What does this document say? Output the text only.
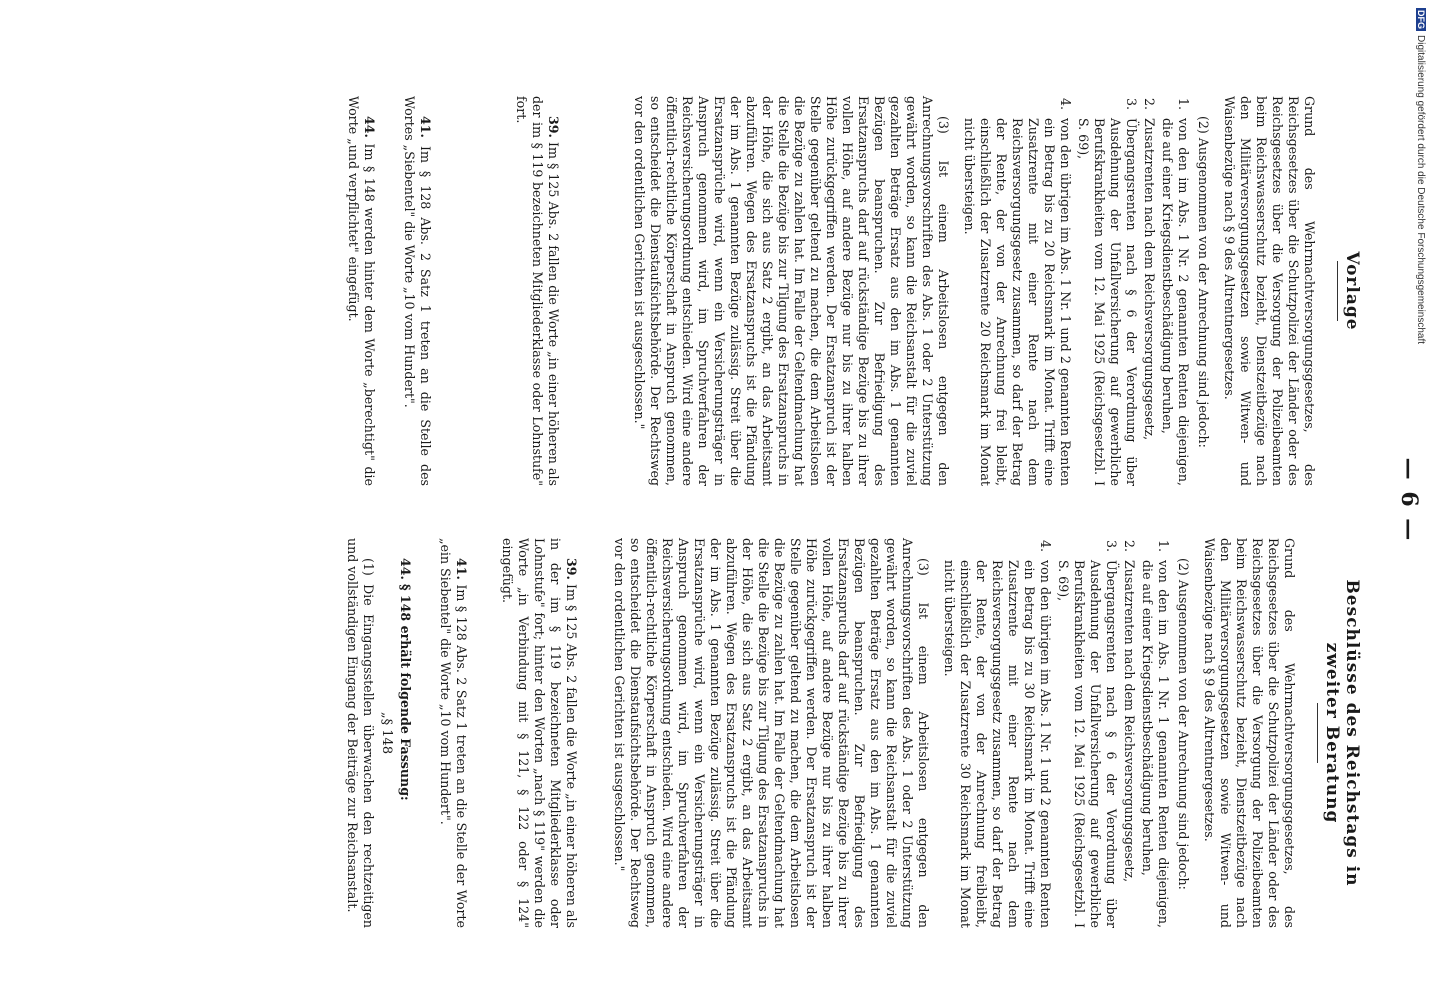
— 6 —
Vorlage

Grund des Wehrmachtversorgungsgesetzes, des Reichsgesetzes über die Schutzpolizei der Länder oder des Reichsgesetzes über die Versorgung der Polizeibeamten beim Reichswasserschutz bezieht, Dienstzeitbezüge nach den Militärversorgungsgesetzen sowie Witwen- und Waisenbezüge nach § 9 des Altrentnergesetzes.

(2) Ausgenommen von der Anrechnung sind jedoch:

1.
von den im Abs. 1 Nr. 2 genannten Renten diejenigen, die auf einer Kriegsdienstbeschädigung beruhen,
2.
Zusatzrenten nach dem Reichsversorgungsgesetz,
3.
Übergangsrenten nach § 6 der Verordnung über Ausdehnung der Unfallversicherung auf gewerbliche Berufskrankheiten vom 12. Mai 1925 (Reichsgesetzbl. I S. 69),
4.
von den übrigen im Abs. 1 Nr. 1 und 2 genannten Renten ein Betrag bis zu 20 Reichsmark im Monat. Trifft eine Zusatzrente mit einer Rente nach dem Reichsversorgungsgesetz zusammen, so darf der Betrag der Rente, der von der Anrechnung frei bleibt, einschließlich der Zusatzrente 20 Reichsmark im Monat nicht übersteigen.

(3) Ist einem Arbeitslosen entgegen den Anrechnungsvorschriften des Abs. 1 oder 2 Unterstützung gewährt worden, so kann die Reichsanstalt für die zuviel gezahlten Beträge Ersatz aus den im Abs. 1 genannten Bezügen beanspruchen. Zur Befriedigung des Ersatzanspruchs darf auf rückständige Bezüge bis zu ihrer vollen Höhe, auf andere Bezüge nur bis zu ihrer halben Höhe zurückgegriffen werden. Der Ersatzanspruch ist der Stelle gegenüber geltend zu machen, die dem Arbeitslosen die Bezüge zu zahlen hat. Im Falle der Geltendmachung hat die Stelle die Bezüge bis zur Tilgung des Ersatzanspruchs in der Höhe, die sich aus Satz 2 ergibt, an das Arbeitsamt abzuführen. Wegen des Ersatzanspruchs ist die Pfändung der im Abs. 1 genannten Bezüge zulässig. Streit über die Ersatzansprüche wird, wenn ein Versicherungsträger in Anspruch genommen wird, im Spruchverfahren der Reichsversicherungsordnung entschieden. Wird eine andere öffentlich-rechtliche Körperschaft in Anspruch genommen, so entscheidet die Dienstaufsichtsbehörde. Der Rechtsweg vor den ordentlichen Gerichten ist ausgeschlossen."

39. Im § 125 Abs. 2 fallen die Worte „in einer höheren als der im § 119 bezeichneten Mitgliederklasse oder Lohnstufe" fort.

41. Im § 128 Abs. 2 Satz 1 treten an die Stelle des Wortes „Siebentel" die Worte „10 vom Hundert".

44. Im § 148 werden hinter dem Worte „berechtigt" die Worte „und verpflichtet" eingefügt.

Beschlüsse des Reichstags in zweiter Beratung

Grund des Wehrmachtversorgungsgesetzes, des Reichsgesetzes über die Schutzpolizei der Länder oder des Reichsgesetzes über die Versorgung der Polizeibeamten beim Reichswasserschutz bezieht, Dienstzeitbezüge nach den Militärversorgungsgesetzen sowie Witwen- und Waisenbezüge nach § 9 des Altrentnergesetzes.

(2) Ausgenommen von der Anrechnung sind jedoch:

1.
von den im Abs. 1 Nr. 1 genannten Renten diejenigen, die auf einer Kriegsdienstbeschädigung beruhen,
2.
Zusatzrenten nach dem Reichsversorgungsgesetz,
3.
Übergangsrenten nach § 6 der Verordnung über Ausdehnung der Unfallversicherung auf gewerbliche Berufskrankheiten vom 12. Mai 1925 (Reichsgesetzbl. I S. 69),
4.
von den übrigen im Abs. 1 Nr. 1 und 2 genannten Renten ein Betrag bis zu 30 Reichsmark im Monat. Trifft eine Zusatzrente mit einer Rente nach dem Reichsversorgungsgesetz zusammen, so darf der Betrag der Rente, der von der Anrechnung freibleibt, einschließlich der Zusatzrente 30 Reichsmark im Monat nicht übersteigen.

(3) Ist einem Arbeitslosen entgegen den Anrechnungsvorschriften des Abs. 1 oder 2 Unterstützung gewährt worden, so kann die Reichsanstalt für die zuviel gezahlten Beträge Ersatz aus den im Abs. 1 genannten Bezügen beanspruchen. Zur Befriedigung des Ersatzanspruchs darf auf rückständige Bezüge bis zu ihrer vollen Höhe, auf andere Bezüge nur bis zu ihrer halben Höhe zurückgegriffen werden. Der Ersatzanspruch ist der Stelle gegenüber geltend zu machen, die dem Arbeitslosen die Bezüge zu zahlen hat. Im Falle der Geltendmachung hat die Stelle die Bezüge bis zur Tilgung des Ersatzanspruchs in der Höhe, die sich aus Satz 2 ergibt, an das Arbeitsamt abzuführen. Wegen des Ersatzanspruchs ist die Pfändung der im Abs. 1 genannten Bezüge zulässig. Streit über die Ersatzansprüche wird, wenn ein Versicherungsträger in Anspruch genommen wird, im Spruchverfahren der Reichsversicherungsordnung entschieden. Wird eine andere öffentlich-rechtliche Körperschaft in Anspruch genommen, so entscheidet die Dienstaufsichtsbehörde. Der Rechtsweg vor den ordentlichen Gerichten ist ausgeschlossen."

39. Im § 125 Abs. 2 fallen die Worte „in einer höheren als in der im § 119 bezeichneten Mitgliederklasse oder Lohnstufe" fort; hinter den Worten „nach § 119" werden die Worte „in Verbindung mit § 121, § 122 oder § 124" eingefügt.

41. Im § 128 Abs. 2 Satz 1 treten an die Stelle der Worte „ein Siebentel" die Worte „10 vom Hundert".

44. § 148 erhält folgende Fassung:

„§ 148

(1) Die Eingangsstellen überwachen den rechtzeitigen und vollständigen Eingang der Beiträge zur Reichsanstalt.

DFGDigitalisierung gefördert durch die Deutsche Forschungsgemeinschaft
